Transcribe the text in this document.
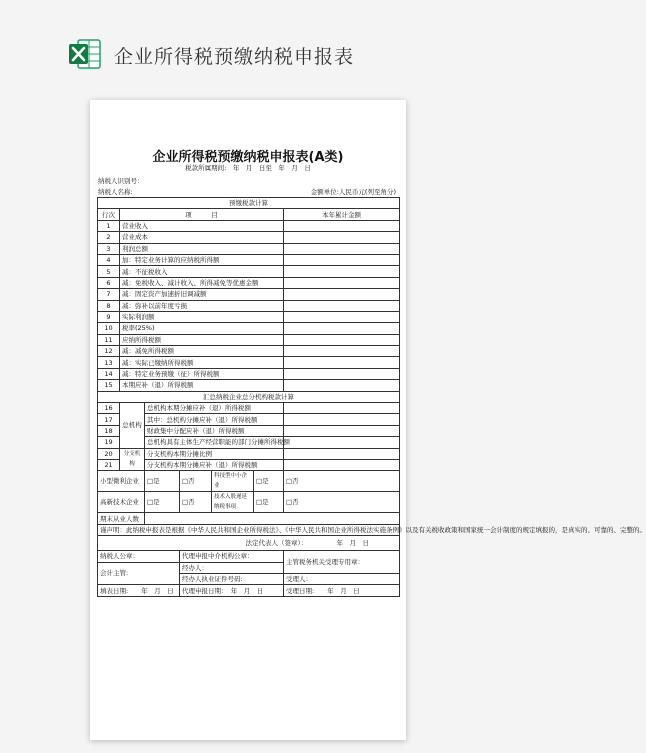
企业所得税预缴纳税申报表
企业所得税预缴纳税申报表(A类)
税款所属期间:　年　月　日至　年　月　日
纳税人识别号：
纳税人名称:	金额单位:人民币元(列至角分)
预缴税款计算						
行次	项　　　目					本年累计金额
1	营业收入					
2	营业成本					
3	利润总额					
4	加：特定业务计算的应纳税所得额					
5	减：不征税收入					
6	减：免税收入、减计收入、所得减免等优惠金额					
7	减：固定资产加速折旧调减额					
8	减：弥补以前年度亏损					
9	实际利润额					
10	税率(25%)					
11	应纳所得税额					
12	减：减免所得税额					
13	减：实际已缴纳所得税额					
14	减：特定业务预缴（征）所得税额					
15	本期应补（退）所得税额					
汇总纳税企业总分机构税款计算						
16	总机构	总机构本期分摊应补（退）所得税额				
17		其中：总机构分摊应补（退）所得税额				
18		财政集中分配应补（退）所得税额				
19		总机构具有主体生产经营职能的部门分摊所得税额				
20	分支机构	分支机构本期分摊比例				
21		分支机构本期分摊应补（退）所得税额				
小型微利企业		□是	□否	科技型中小企业	□是	□否
高新技术企业		□是	□否	技术入股递延纳税事项	□是	□否
期末从业人数						
谨声明：此纳税申报表是根据《中华人民共和国企业所得税法》、《中华人民共和国企业所得税法实施条例》以及有关税收政策和国家统一会计制度的规定填报的，是真实的、可靠的、完整的。						
法定代表人（签章）：　　　　　年　月　日						
纳税人公章：			代理申报中介机构公章：			主管税务机关受理专用章：
会计主管:			经办人：			
			经办人执业证件号码:			受理人：
填表日期:　　年　月　日			代理申报日期：　年　月　日			受理日期:　　年　月　日
